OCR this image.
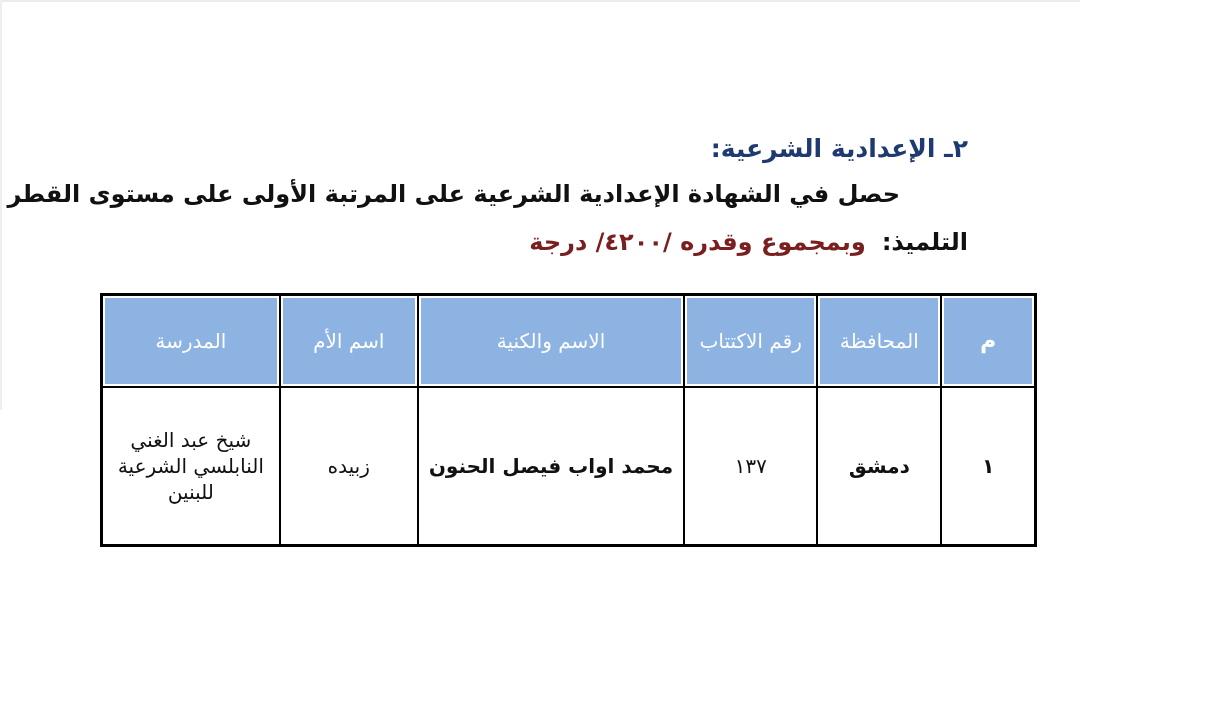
٢ـ الإعدادية الشرعية:
حصل في الشهادة الإعدادية الشرعية على المرتبة الأولى على مستوى القطر
التلميذ:وبمجموع وقدره /٤٢٠٠/ درجة
م	المحافظة	رقم الاكتتاب	الاسم والكنية	اسم الأم	المدرسة
١	دمشق	١٣٧	محمد اواب فيصل الحنون	زبيده	شيخ عبد الغني النابلسي الشرعية للبنين
